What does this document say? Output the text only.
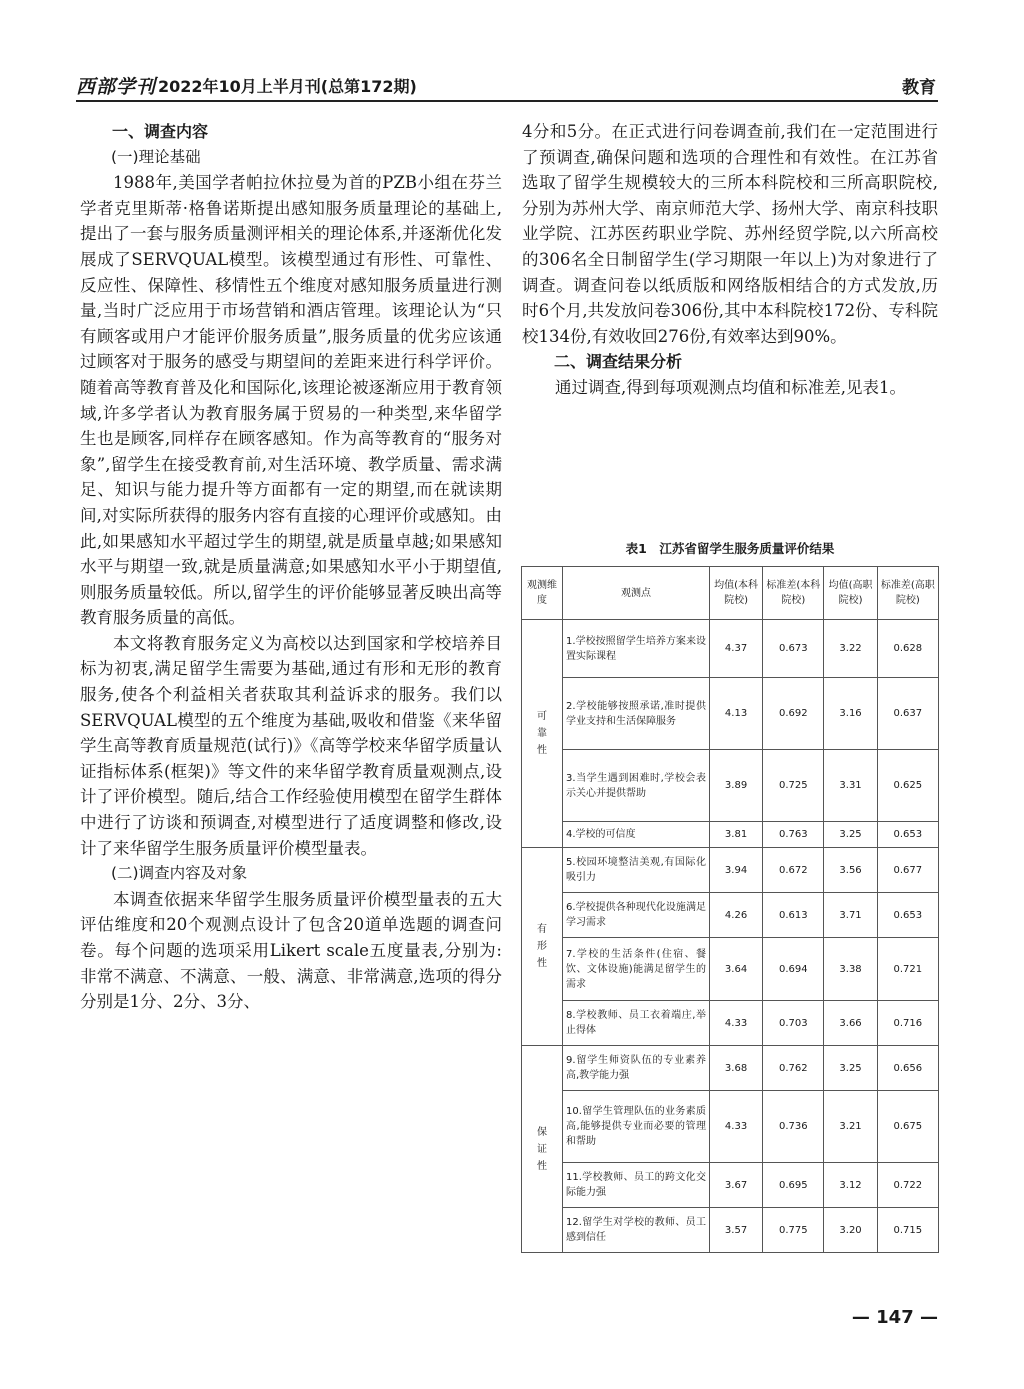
西部学刊 2022年10月上半月刊(总第172期)	教育
一、调查内容
(一)理论基础

1988年,美国学者帕拉休拉曼为首的PZB小组在芬兰学者克里斯蒂·格鲁诺斯提出感知服务质量理论的基础上,提出了一套与服务质量测评相关的理论体系,并逐渐优化发展成了SERVQUAL模型。该模型通过有形性、可靠性、反应性、保障性、移情性五个维度对感知服务质量进行测量,当时广泛应用于市场营销和酒店管理。该理论认为“只有顾客或用户才能评价服务质量”,服务质量的优劣应该通过顾客对于服务的感受与期望间的差距来进行科学评价。随着高等教育普及化和国际化,该理论被逐渐应用于教育领域,许多学者认为教育服务属于贸易的一种类型,来华留学生也是顾客,同样存在顾客感知。作为高等教育的“服务对象”,留学生在接受教育前,对生活环境、教学质量、需求满足、知识与能力提升等方面都有一定的期望,而在就读期间,对实际所获得的服务内容有直接的心理评价或感知。由此,如果感知水平超过学生的期望,就是质量卓越;如果感知水平与期望一致,就是质量满意;如果感知水平小于期望值,则服务质量较低。所以,留学生的评价能够显著反映出高等教育服务质量的高低。

本文将教育服务定义为高校以达到国家和学校培养目标为初衷,满足留学生需要为基础,通过有形和无形的教育服务,使各个利益相关者获取其利益诉求的服务。我们以SERVQUAL模型的五个维度为基础,吸收和借鉴《来华留学生高等教育质量规范(试行)》《高等学校来华留学质量认证指标体系(框架)》等文件的来华留学教育质量观测点,设计了评价模型。随后,结合工作经验使用模型在留学生群体中进行了访谈和预调查,对模型进行了适度调整和修改,设计了来华留学生服务质量评价模型量表。

(二)调查内容及对象

本调查依据来华留学生服务质量评价模型量表的五大评估维度和20个观测点设计了包含20道单选题的调查问卷。每个问题的选项采用Likert scale五度量表,分别为:非常不满意、不满意、一般、满意、非常满意,选项的得分分别是1分、2分、3分、

4分和5分。在正式进行问卷调查前,我们在一定范围进行了预调查,确保问题和选项的合理性和有效性。在江苏省选取了留学生规模较大的三所本科院校和三所高职院校,分别为苏州大学、南京师范大学、扬州大学、南京科技职业学院、江苏医药职业学院、苏州经贸学院,以六所高校的306名全日制留学生(学习期限一年以上)为对象进行了调查。调查问卷以纸质版和网络版相结合的方式发放,历时6个月,共发放问卷306份,其中本科院校172份、专科院校134份,有效收回276份,有效率达到90%。

二、调查结果分析

通过调查,得到每项观测点均值和标准差,见表1。

表1　江苏省留学生服务质量评价结果
观测维度	观测点	均值(本科院校)	标准差(本科院校)	均值(高职院校)	标准差(高职院校)
可
靠
性	1.学校按照留学生培养方案来设置实际课程	4.37	0.673	3.22	0.628
	2.学校能够按照承诺,准时提供学业支持和生活保障服务	4.13	0.692	3.16	0.637
	3.当学生遇到困难时,学校会表示关心并提供帮助	3.89	0.725	3.31	0.625
	4.学校的可信度	3.81	0.763	3.25	0.653
有
形
性	5.校园环境整洁美观,有国际化吸引力	3.94	0.672	3.56	0.677
	6.学校提供各种现代化设施满足学习需求	4.26	0.613	3.71	0.653
	7.学校的生活条件(住宿、餐饮、文体设施)能满足留学生的需求	3.64	0.694	3.38	0.721
	8.学校教师、员工衣着端庄,举止得体	4.33	0.703	3.66	0.716
保
证
性	9.留学生师资队伍的专业素养高,教学能力强	3.68	0.762	3.25	0.656
	10.留学生管理队伍的业务素质高,能够提供专业而必要的管理和帮助	4.33	0.736	3.21	0.675
	11.学校教师、员工的跨文化交际能力强	3.67	0.695	3.12	0.722
	12.留学生对学校的教师、员工感到信任	3.57	0.775	3.20	0.715
— 147 —
